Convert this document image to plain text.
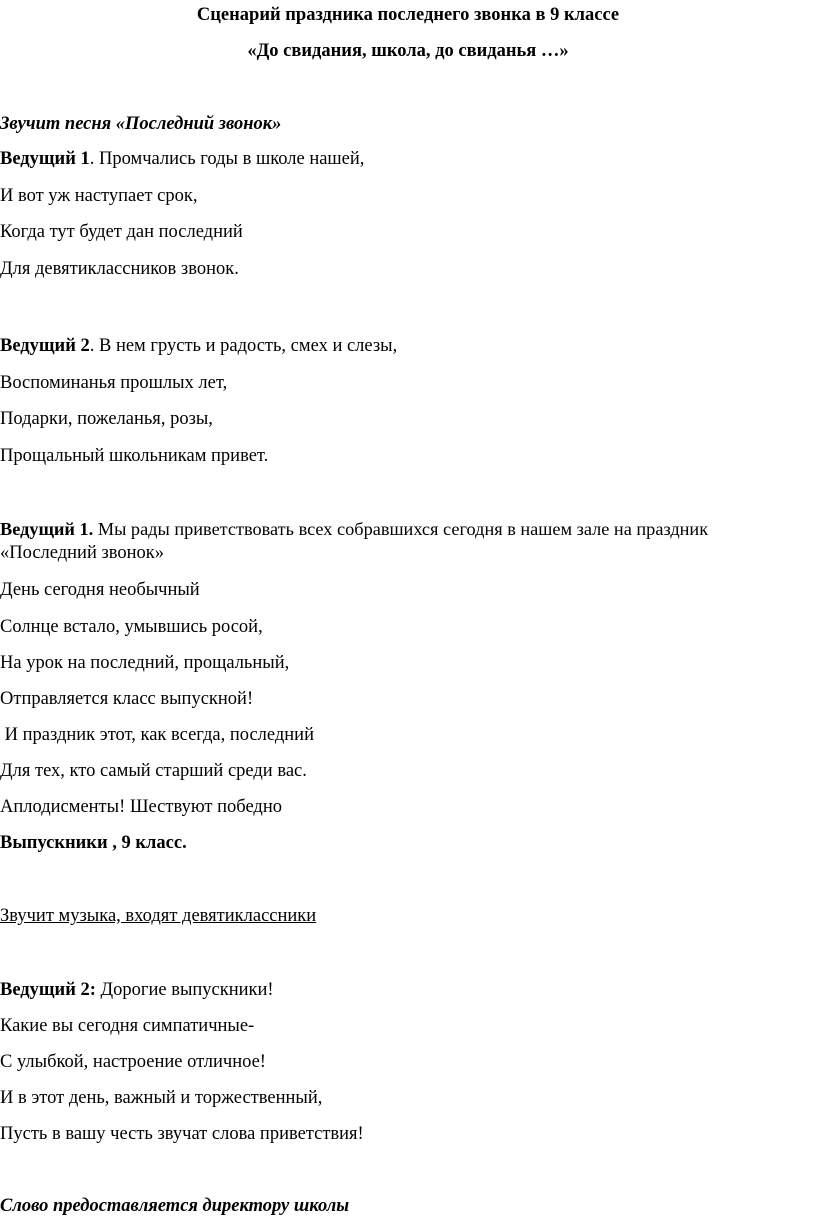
Сценарий праздника последнего звонка в 9 классе
«До свидания, школа, до свиданья …»
Звучит песня «Последний звонок»
Ведущий 1. Промчались годы в школе нашей,
И вот уж наступает срок,
Когда тут будет дан последний
Для девятиклассников звонок.
Ведущий 2. В нем грусть и радость, смех и слезы,
Воспоминанья прошлых лет,
Подарки, пожеланья, розы,
Прощальный школьникам привет.
Ведущий 1. Мы рады приветствовать всех собравшихся сегодня в нашем зале на праздник
«Последний звонок»
День сегодня необычный
Солнце встало, умывшись росой,
На урок на последний, прощальный,
Отправляется класс выпускной!
И праздник этот, как всегда, последний
Для тех, кто самый старший среди вас.
Аплодисменты! Шествуют победно
Выпускники , 9 класс.
Звучит музыка, входят девятиклассники
Ведущий 2: Дорогие выпускники!
Какие вы сегодня симпатичные-
С улыбкой, настроение отличное!
И в этот день, важный и торжественный,
Пусть в вашу честь звучат слова приветствия!
Слово предоставляется директору школы
